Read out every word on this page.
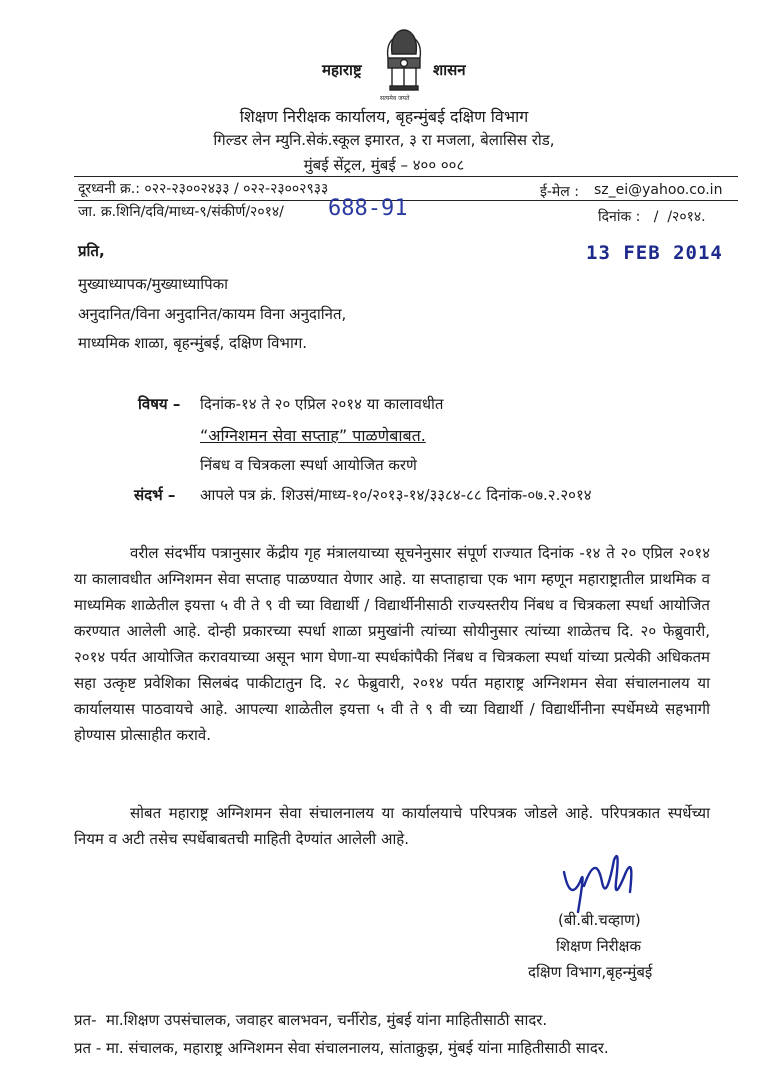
महाराष्ट्र
सत्यमेव जयते
शासन
शिक्षण निरीक्षक कार्यालय, बृहन्मुंबई दक्षिण विभाग
गिल्डर लेन म्युनि.सेकं.स्कूल इमारत, ३ रा मजला, बेलासिस रोड,
मुंबई सेंट्रल, मुंबई – ४०० ००८
दूरध्वनी क्र.: ०२२-२३००२४३३ / ०२२-२३००२९३३	ई-मेल : sz_ei@yahoo.co.in
जा. क्र.शिनि/दवि/माध्य-९/संकीर्ण/२०१४/ 688-91	दिनांक :   /  /२०१४.
13 FEB 2014
प्रति,
मुख्याध्यापक/मुख्याध्यापिका
अनुदानित/विना अनुदानित/कायम विना अनुदानित,
माध्यमिक शाळा, बृहन्मुंबई, दक्षिण विभाग.
विषय – दिनांक-१४ ते २० एप्रिल २०१४ या कालावधीत
“अग्निशमन सेवा सप्ताह” पाळणेबाबत.
निंबध व चित्रकला स्पर्धा आयोजित करणे
संदर्भ – आपले पत्र क्रं. शिउसं/माध्य-१०/२०१३-१४/३३८४-८८ दिनांक-०७.२.२०१४
वरील संदर्भीय पत्रानुसार केंद्रीय गृह मंत्रालयाच्या सूचनेनुसार संपूर्ण राज्यात दिनांक -१४ ते २० एप्रिल २०१४ या कालावधीत अग्निशमन सेवा सप्ताह पाळण्यात येणार आहे. या सप्ताहाचा एक भाग म्हणून महाराष्ट्रातील प्राथमिक व माध्यमिक शाळेतील इयत्ता ५ वी ते ९ वी च्या विद्यार्थी / विद्यार्थीनीसाठी राज्यस्तरीय निंबध व चित्रकला स्पर्धा आयोजित करण्यात आलेली आहे. दोन्ही प्रकारच्या स्पर्धा शाळा प्रमुखांनी त्यांच्या सोयीनुसार त्यांच्या शाळेतच दि. २० फेब्रुवारी, २०१४ पर्यत आयोजित करावयाच्या असून भाग घेणा-या स्पर्धकांपैकी निंबध व चित्रकला स्पर्धा यांच्या प्रत्येकी अधिकतम सहा उत्कृष्ट प्रवेशिका सिलबंद पाकीटातुन दि. २८ फेब्रुवारी, २०१४ पर्यत महाराष्ट्र अग्निशमन सेवा संचालनालय या कार्यालयास पाठवायचे आहे. आपल्या शाळेतील इयत्ता ५ वी ते ९ वी च्या विद्यार्थी / विद्यार्थीनीना स्पर्धेमध्ये सहभागी होण्यास प्रोत्साहीत करावे.
सोबत महाराष्ट्र अग्निशमन सेवा संचालनालय या कार्यालयाचे परिपत्रक जोडले आहे. परिपत्रकात स्पर्धेच्या नियम व अटी तसेच स्पर्धेबाबतची माहिती देण्यांत आलेली आहे.
(बी.बी.चव्हाण)
शिक्षण निरीक्षक
दक्षिण विभाग,बृहन्मुंबई
प्रत-  मा.शिक्षण उपसंचालक, जवाहर बालभवन, चर्नीरोड, मुंबई यांना माहितीसाठी सादर.
प्रत - मा. संचालक, महाराष्ट्र अग्निशमन सेवा संचालनालय, सांताक्रुझ, मुंबई यांना माहितीसाठी सादर.
